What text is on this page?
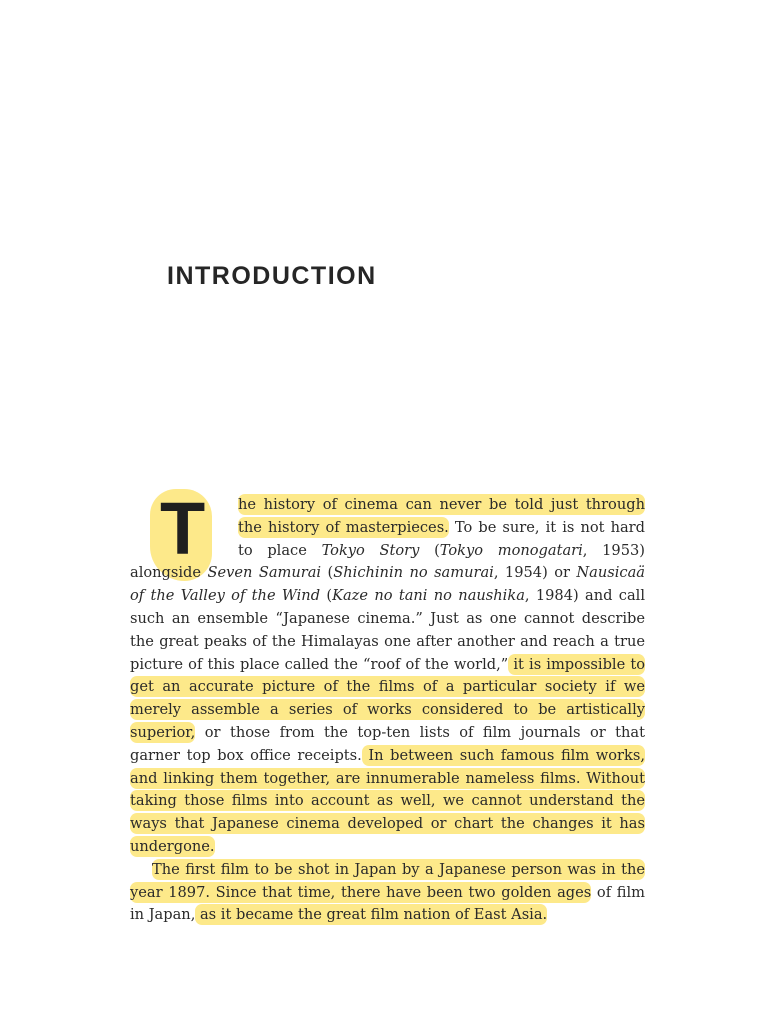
INTRODUCTION

T	he history of cinema can never be told just through the history of masterpieces. To be sure, it is not hard to place Tokyo Story (Tokyo monogatari, 1953) alongside Seven Samurai (Shichinin no samurai, 1954) or Nausicaä of the Valley of the Wind (Kaze no tani no naushika, 1984) and call such an ensemble “Japanese cinema.” Just as one cannot describe the great peaks of the Himalayas one after another and reach a true picture of this place called the “roof of the world,” it is impossible to get an accurate picture of the films of a particular society if we merely assemble a series of works considered to be artistically superior, or those from the top-ten lists of film journals or that garner top box office receipts. In between such famous film works, and linking them together, are innumerable nameless films. Without taking those films into account as well, we cannot understand the ways that Japanese cinema developed or chart the changes it has undergone.

The first film to be shot in Japan by a Japanese person was in the year 1897. Since that time, there have been two golden ages of film in Japan, as it became the great film nation of East Asia.
